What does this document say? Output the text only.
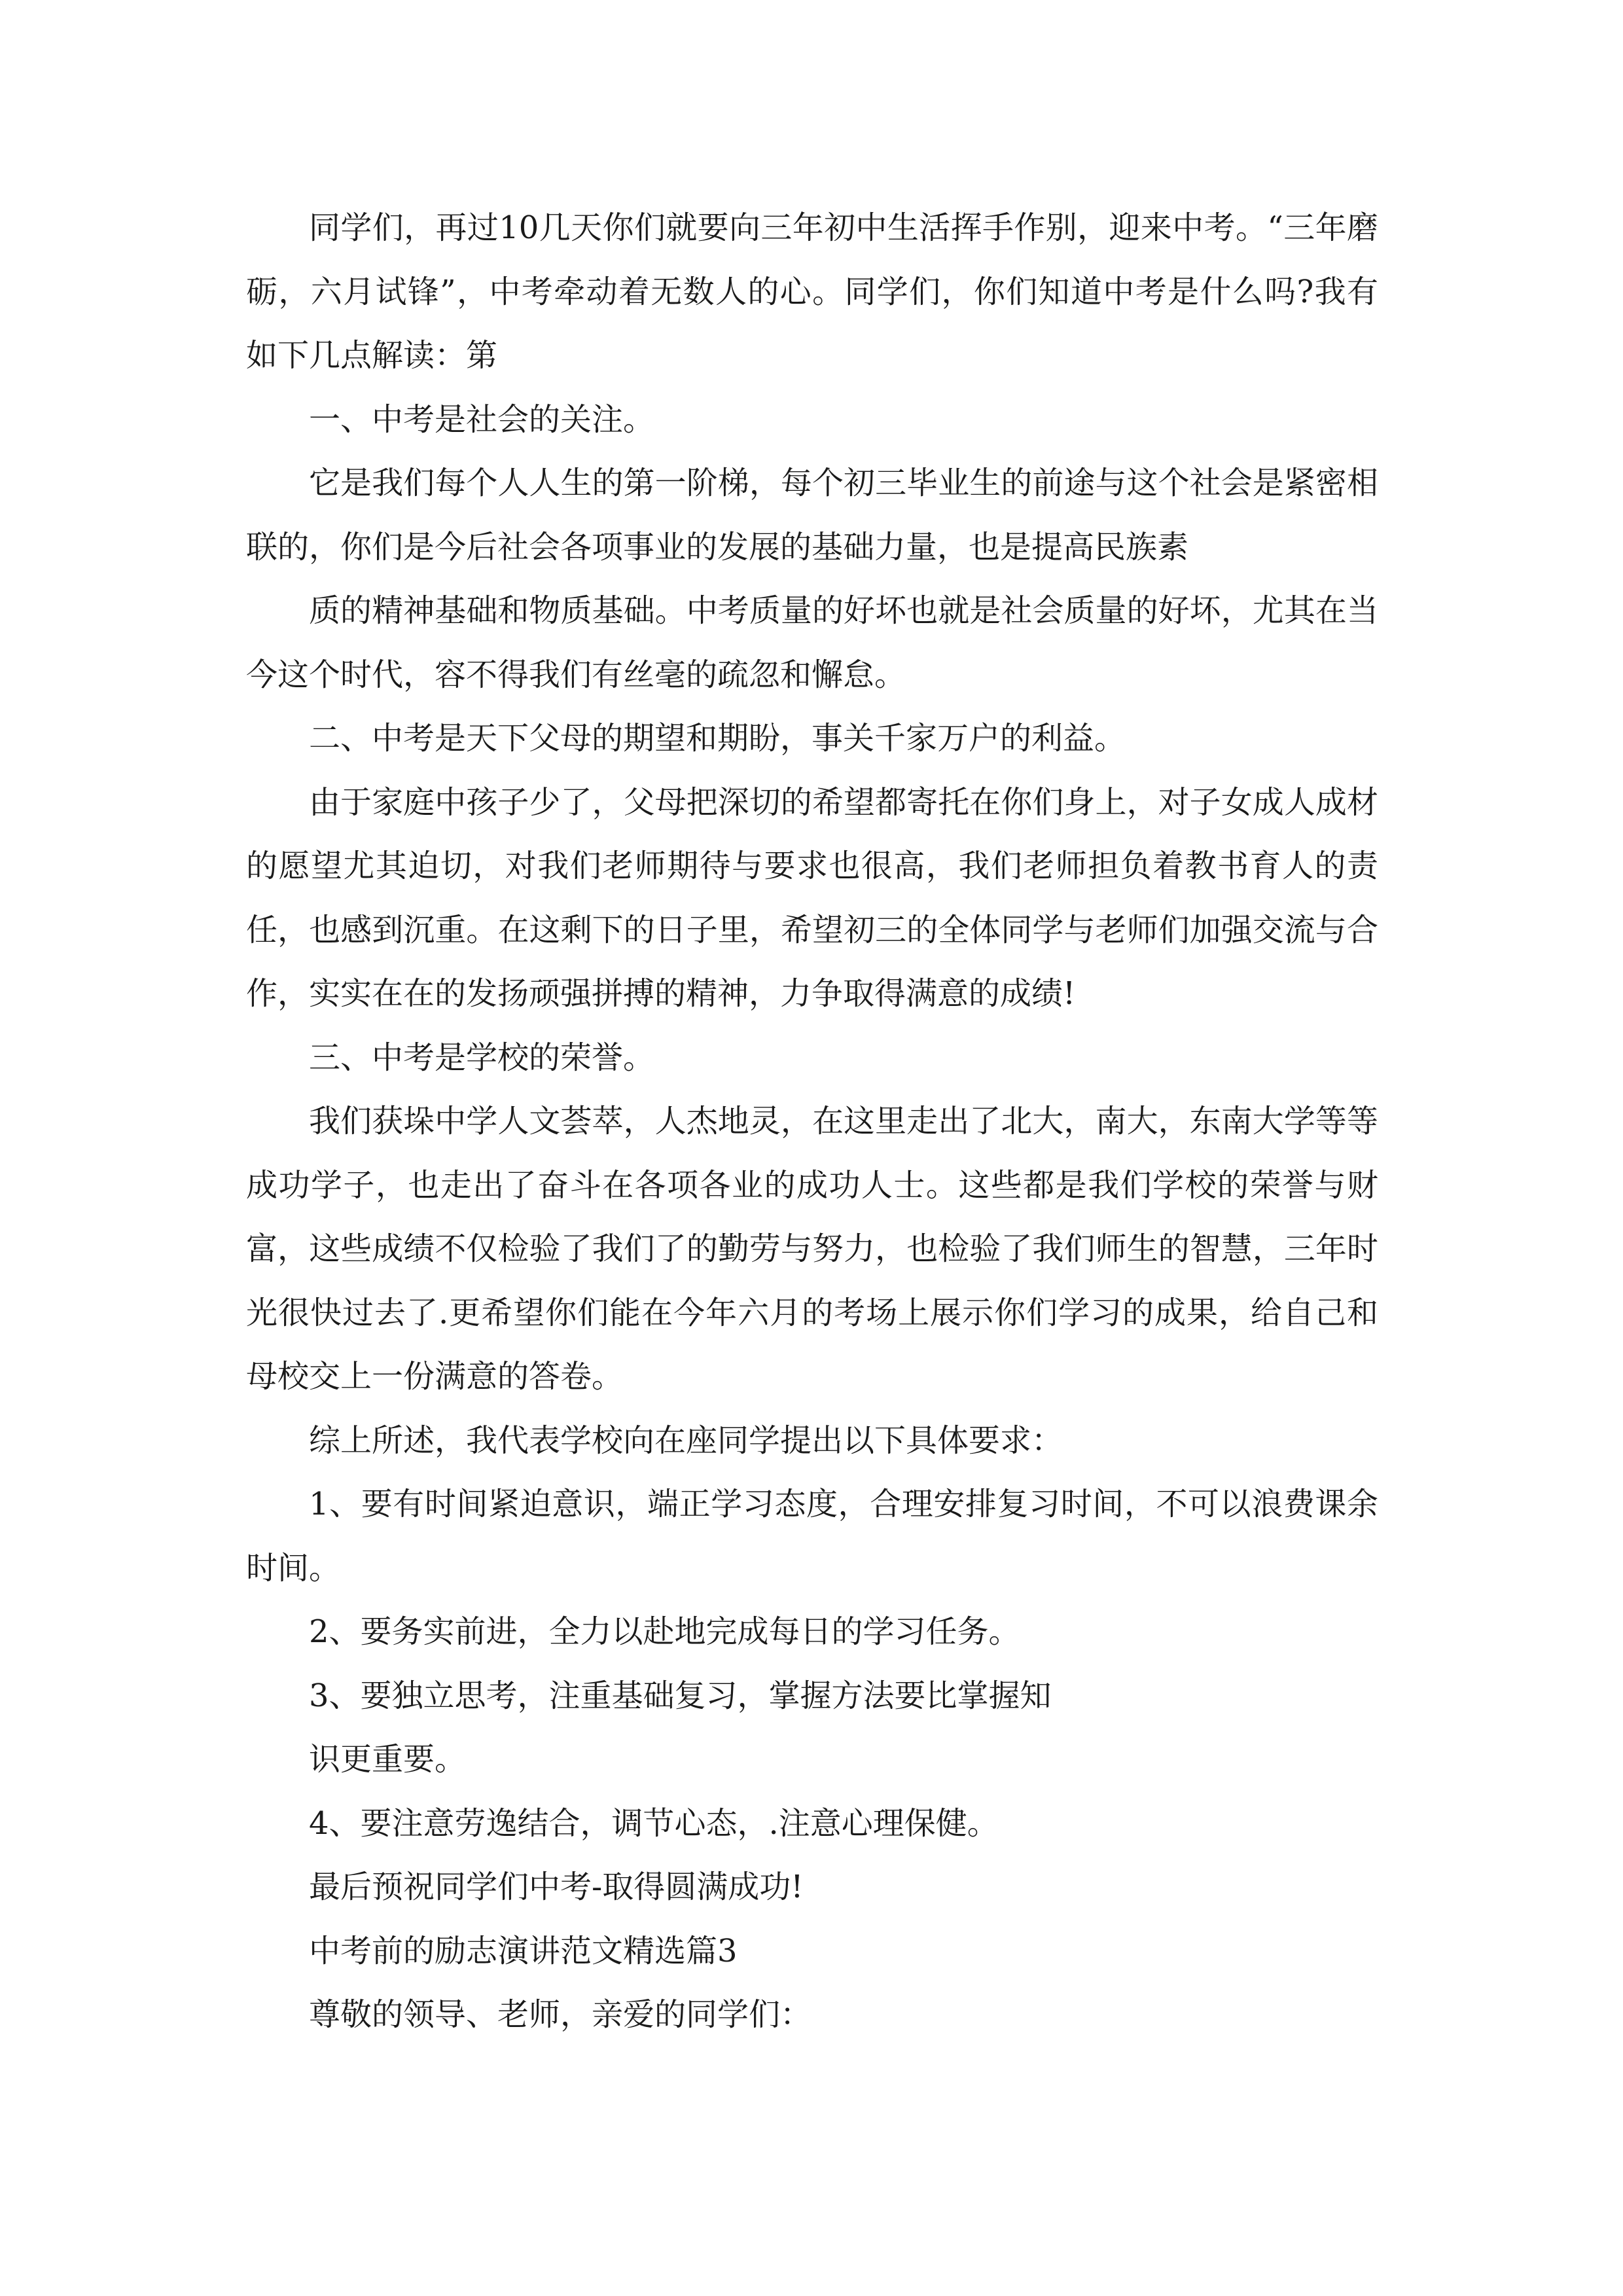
同学们，再过10几天你们就要向三年初中生活挥手作别，迎来中考。“三年磨砺，六月试锋”，中考牵动着无数人的心。同学们，你们知道中考是什么吗?我有如下几点解读：第

一、中考是社会的关注。

它是我们每个人人生的第一阶梯，每个初三毕业生的前途与这个社会是紧密相联的，你们是今后社会各项事业的发展的基础力量，也是提高民族素

质的精神基础和物质基础。中考质量的好坏也就是社会质量的好坏，尤其在当今这个时代，容不得我们有丝毫的疏忽和懈怠。

二、中考是天下父母的期望和期盼，事关千家万户的利益。

由于家庭中孩子少了，父母把深切的希望都寄托在你们身上，对子女成人成材的愿望尤其迫切，对我们老师期待与要求也很高，我们老师担负着教书育人的责任，也感到沉重。在这剩下的日子里，希望初三的全体同学与老师们加强交流与合作，实实在在的发扬顽强拼搏的精神，力争取得满意的成绩!

三、中考是学校的荣誉。

我们获垛中学人文荟萃，人杰地灵，在这里走出了北大，南大，东南大学等等成功学子，也走出了奋斗在各项各业的成功人士。这些都是我们学校的荣誉与财富，这些成绩不仅检验了我们了的勤劳与努力，也检验了我们师生的智慧，三年时光很快过去了.更希望你们能在今年六月的考场上展示你们学习的成果，给自己和母校交上一份满意的答卷。

综上所述，我代表学校向在座同学提出以下具体要求：

1、要有时间紧迫意识，端正学习态度，合理安排复习时间，不可以浪费课余时间。

2、要务实前进，全力以赴地完成每日的学习任务。

3、要独立思考，注重基础复习，掌握方法要比掌握知

识更重要。

4、要注意劳逸结合，调节心态，.注意心理保健。

最后预祝同学们中考-取得圆满成功!

中考前的励志演讲范文精选篇3

尊敬的领导、老师，亲爱的同学们：
